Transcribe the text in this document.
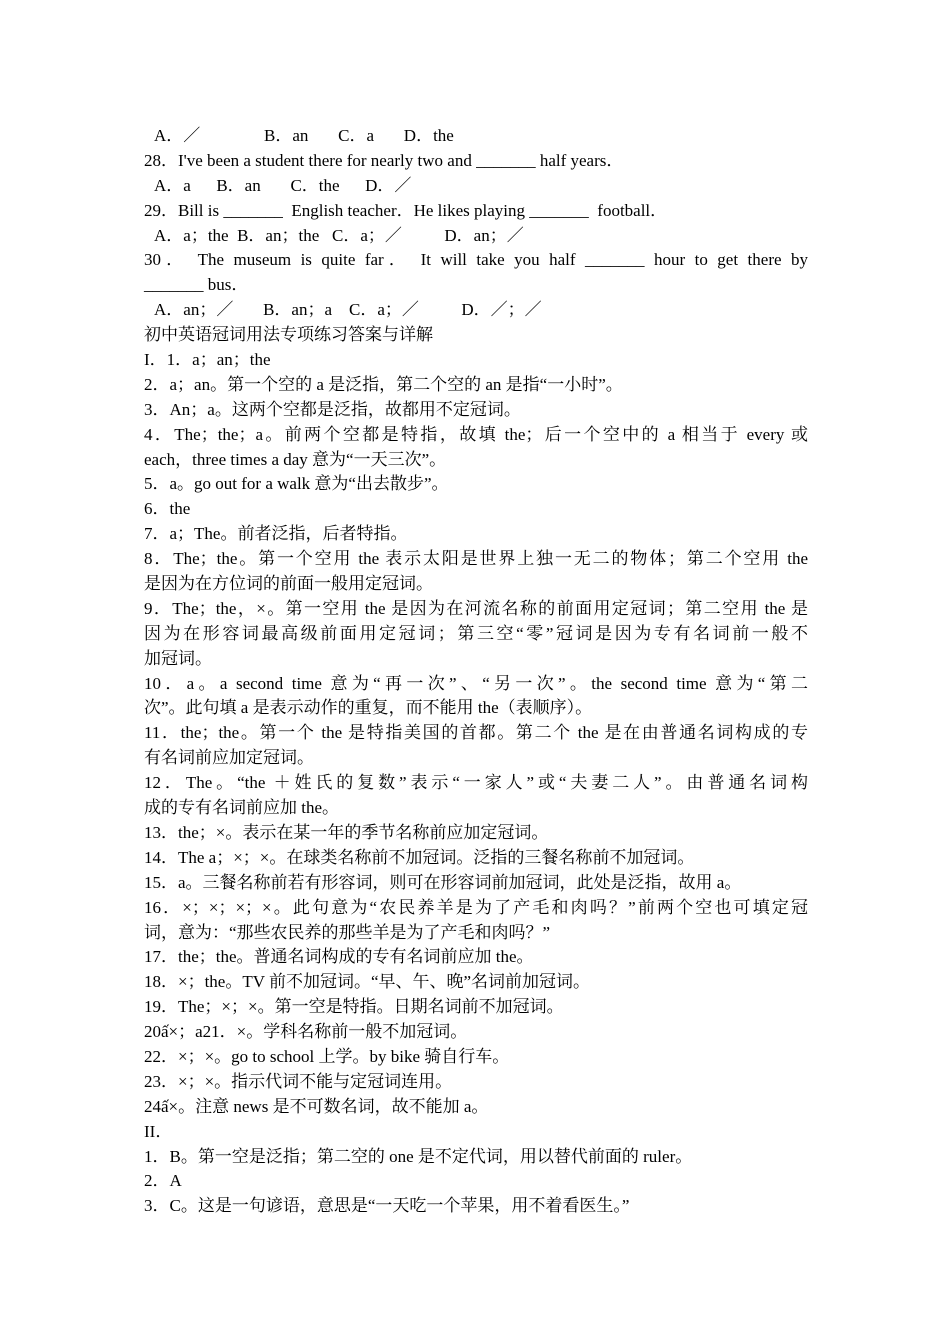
A．／               B．an       C．a       D．the
28．I've been a student there for nearly two and _______ half years．
A．a      B．an       C．the      D．／
29．Bill is _______  English teacher．He likes playing _______  football．
A．a；the  B．an；the   C．a；／          D．an；／
30． The museum is quite far． It will take you half _______ hour to get there by
_______ bus．
A．an；／       B．an；a    C．a；／          D．／；／
初中英语冠词用法专项练习答案与详解
I．1．a；an；the
2．a；an。第一个空的 a 是泛指，第二个空的 an 是指“一小时”。
3．An；a。这两个空都是泛指，故都用不定冠词。
4．The；the；a。前两个空都是特指，故填 the；后一个空中的 a 相当于 every 或
each，three times a day 意为“一天三次”。
5．a。go out for a walk 意为“出去散步”。
6．the
7．a；The。前者泛指，后者特指。
8．The；the。第一个空用 the 表示太阳是世界上独一无二的物体；第二个空用 the
是因为在方位词的前面一般用定冠词。
9．The；the，×。第一空用 the 是因为在河流名称的前面用定冠词；第二空用 the 是
因为在形容词最高级前面用定冠词；第三空“零”冠词是因为专有名词前一般不
加冠词。
10．a。a second time 意为“再一次”、“另一次”。the second time 意为“第二
次”。此句填 a 是表示动作的重复，而不能用 the（表顺序）。
11．the；the。第一个 the 是特指美国的首都。第二个 the 是在由普通名词构成的专
有名词前应加定冠词。
12．The。“the ＋姓氏的复数”表示“一家人”或“夫妻二人”。由普通名词构
成的专有名词前应加 the。
13．the；×。表示在某一年的季节名称前应加定冠词。
14．The a；×；×。在球类名称前不加冠词。泛指的三餐名称前不加冠词。
15．a。三餐名称前若有形容词，则可在形容词前加冠词，此处是泛指，故用 a。
16．×；×；×；×。此句意为“农民养羊是为了产毛和肉吗？”前两个空也可填定冠
词，意为：“那些农民养的那些羊是为了产毛和肉吗？”
17．the；the。普通名词构成的专有名词前应加 the。
18．×；the。TV 前不加冠词。“早、午、晚”名词前加冠词。
19．The；×；×。第一空是特指。日期名词前不加冠词。
20ấ×；a21．×。学科名称前一般不加冠词。
22．×；×。go to school 上学。by bike 骑自行车。
23．×；×。指示代词不能与定冠词连用。
24ấ×。注意 news 是不可数名词，故不能加 a。
II．
1．B。第一空是泛指；第二空的 one 是不定代词，用以替代前面的 ruler。
2．A
3．C。这是一句谚语，意思是“一天吃一个苹果，用不着看医生。”
